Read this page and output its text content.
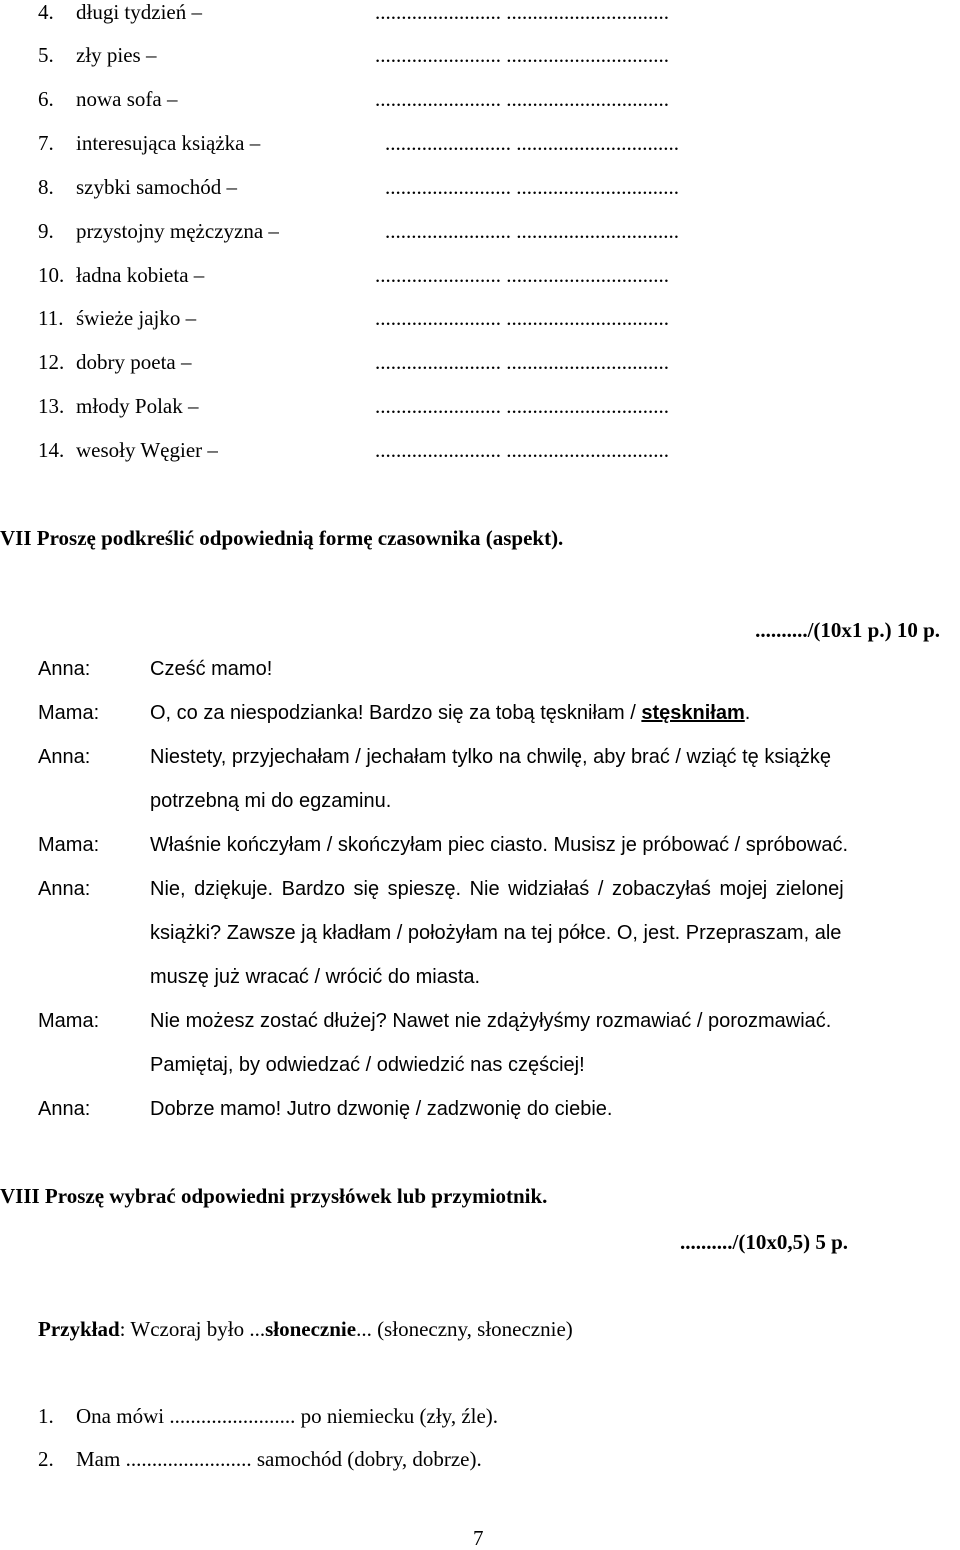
4. długi tydzień –	........................ ...............................
5. zły pies –	........................ ...............................
6. nowa sofa –	........................ ...............................
7. interesująca książka –	........................ ...............................
8. szybki samochód –	........................ ...............................
9. przystojny mężczyzna –	........................ ...............................
10. ładna kobieta –	........................ ...............................
11. świeże jajko –	........................ ...............................
12. dobry poeta –	........................ ...............................
13. młody Polak –	........................ ...............................
14. wesoły Węgier –	........................ ...............................
VII Proszę podkreślić odpowiednią formę czasownika (aspekt).
........../(10x1 p.) 10 p.
Anna:	Cześć mamo!
Mama:	O, co za niespodzianka! Bardzo się za tobą tęskniłam / stęskniłam.
Anna:	Niestety, przyjechałam / jechałam tylko na chwilę, aby brać / wziąć tę książkę
potrzebną mi do egzaminu.
Mama:	Właśnie kończyłam / skończyłam piec ciasto. Musisz je próbować / spróbować.
Anna:	Nie, dziękuje. Bardzo się spieszę. Nie widziałaś / zobaczyłaś mojej zielonej
książki? Zawsze ją kładłam / położyłam na tej półce. O, jest. Przepraszam, ale
muszę już wracać / wrócić do miasta.
Mama:	Nie możesz zostać dłużej? Nawet nie zdążyłyśmy rozmawiać / porozmawiać.
Pamiętaj, by odwiedzać / odwiedzić nas częściej!
Anna:	Dobrze mamo! Jutro dzwonię / zadzwonię do ciebie.
VIII Proszę wybrać odpowiedni przysłówek lub przymiotnik.
........../(10x0,5) 5 p.
Przykład: Wczoraj było ...słonecznie... (słoneczny, słonecznie)
1. Ona mówi ........................ po niemiecku (zły, źle).
2. Mam ........................ samochód (dobry, dobrze).
7
